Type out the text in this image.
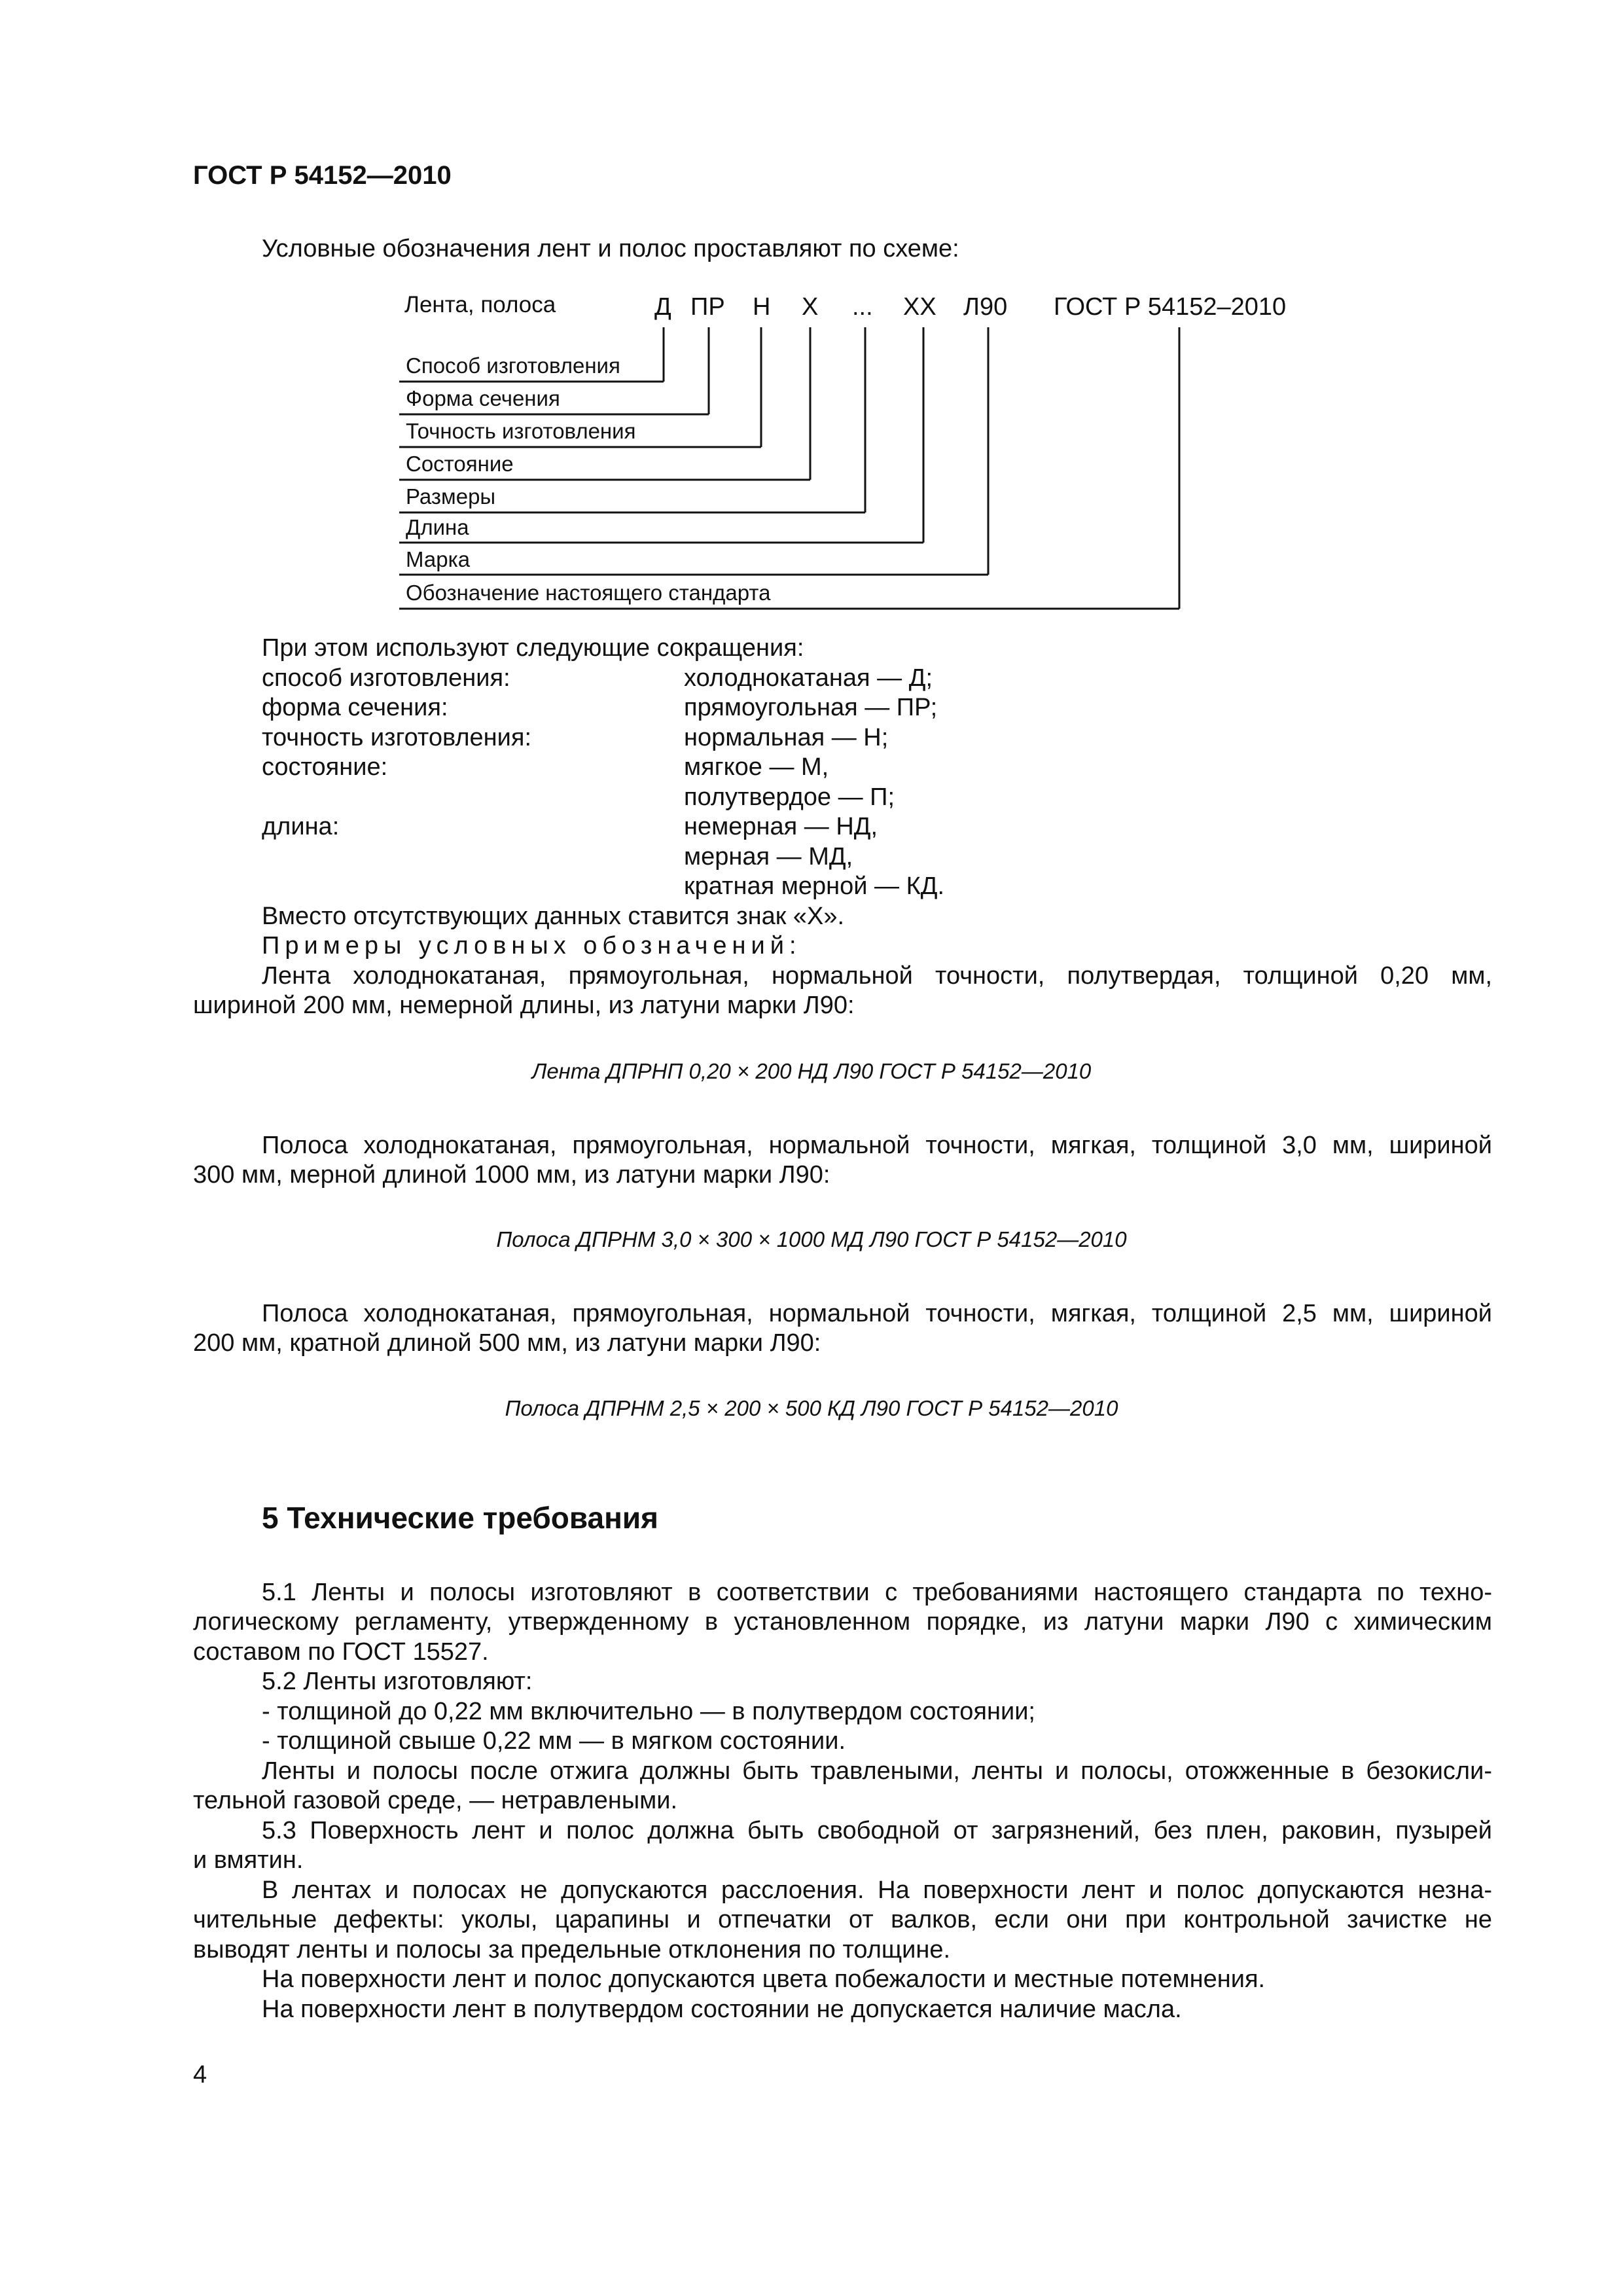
ГОСТ Р 54152—2010
Условные обозначения лент и полос проставляют по схеме:
Лента, полоса	Д ПР Н Х ... ХХ Л90 ГОСТ Р 54152–2010
Способ изготовления
Форма сечения
Точность изготовления
Состояние
Размеры
Длина
Марка
Обозначение настоящего стандарта
При этом используют следующие сокращения:
способ изготовления:	холоднокатаная — Д;
форма сечения:	прямоугольная — ПР;
точность изготовления:	нормальная — Н;
состояние:	мягкое — М,
полутвердое — П;
длина:	немерная — НД,
мерная — МД,
кратная мерной — КД.
Вместо отсутствующих данных ставится знак «Х».
Примеры условных обозначений:
Лента холоднокатаная, прямоугольная, нормальной точности, полутвердая, толщиной 0,20 мм,
шириной 200 мм, немерной длины, из латуни марки Л90:
Лента ДПРНП 0,20 × 200 НД Л90 ГОСТ Р 54152—2010
Полоса холоднокатаная, прямоугольная, нормальной точности, мягкая, толщиной 3,0 мм, шириной
300 мм, мерной длиной 1000 мм, из латуни марки Л90:
Полоса ДПРНМ 3,0 × 300 × 1000 МД Л90 ГОСТ Р 54152—2010
Полоса холоднокатаная, прямоугольная, нормальной точности, мягкая, толщиной 2,5 мм, шириной
200 мм, кратной длиной 500 мм, из латуни марки Л90:
Полоса ДПРНМ 2,5 × 200 × 500 КД Л90 ГОСТ Р 54152—2010
5 Технические требования
5.1 Ленты и полосы изготовляют в соответствии с требованиями настоящего стандарта по техно-
логическому регламенту, утвержденному в установленном порядке, из латуни марки Л90 с химическим
составом по ГОСТ 15527.
5.2 Ленты изготовляют:
- толщиной до 0,22 мм включительно — в полутвердом состоянии;
- толщиной свыше 0,22 мм — в мягком состоянии.
Ленты и полосы после отжига должны быть травлеными, ленты и полосы, отожженные в безокисли-
тельной газовой среде, — нетравлеными.
5.3 Поверхность лент и полос должна быть свободной от загрязнений, без плен, раковин, пузырей
и вмятин.
В лентах и полосах не допускаются расслоения. На поверхности лент и полос допускаются незна-
чительные дефекты: уколы, царапины и отпечатки от валков, если они при контрольной зачистке не
выводят ленты и полосы за предельные отклонения по толщине.
На поверхности лент и полос допускаются цвета побежалости и местные потемнения.
На поверхности лент в полутвердом состоянии не допускается наличие масла.
4
